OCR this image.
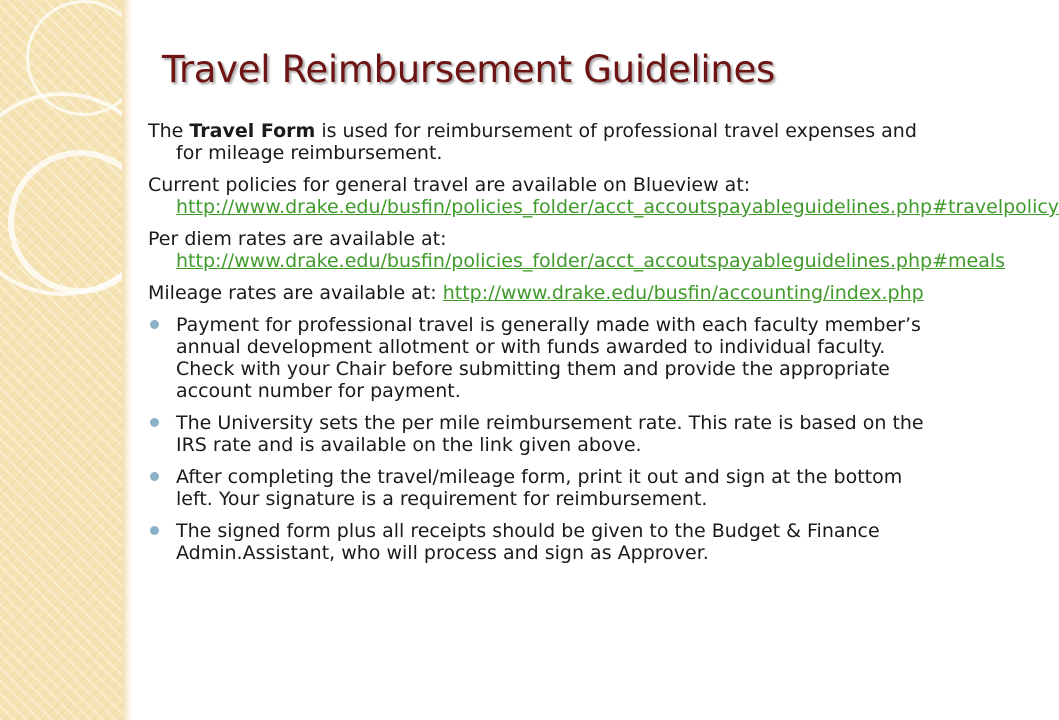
Travel Reimbursement Guidelines

The Travel Form is used for reimbursement of professional travel expenses and for mileage reimbursement.

Current policies for general travel are available on Blueview at: http://www.drake.edu/busfin/policies_folder/acct_accoutspayableguidelines.php#travelpolicy

Per diem rates are available at: http://www.drake.edu/busfin/policies_folder/acct_accoutspayableguidelines.php#meals

Mileage rates are available at: http://www.drake.edu/busfin/accounting/index.php

Payment for professional travel is generally made with each faculty member’s annual development allotment or with funds awarded to individual faculty. Check with your Chair before submitting them and provide the appropriate account number for payment.
The University sets the per mile reimbursement rate. This rate is based on the IRS rate and is available on the link given above.
After completing the travel/mileage form, print it out and sign at the bottom left. Your signature is a requirement for reimbursement.
The signed form plus all receipts should be given to the Budget & Finance Admin.Assistant, who will process and sign as Approver.
